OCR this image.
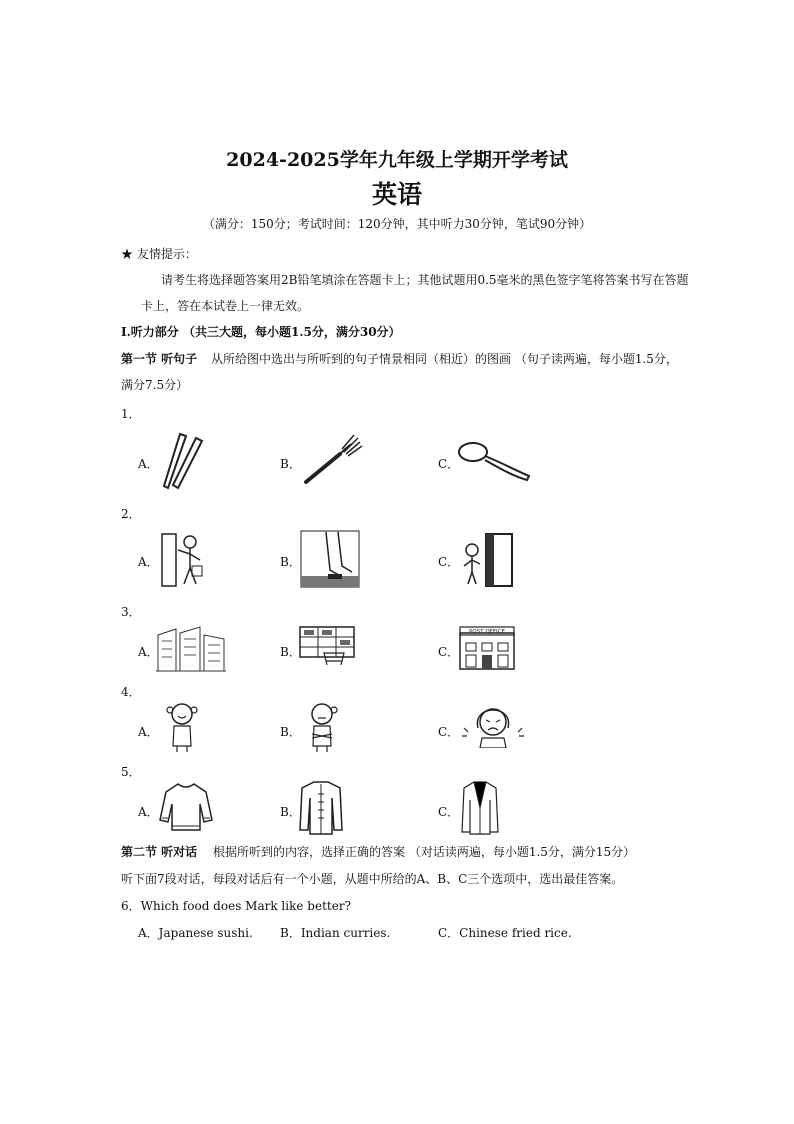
2024-2025学年九年级上学期开学考试
英语
（满分：150分；考试时间：120分钟，其中听力30分钟，笔试90分钟）
★ 友情提示：
请考生将选择题答案用2B铅笔填涂在答题卡上；其他试题用0.5毫米的黑色签字笔将答案书写在答题
卡上，答在本试卷上一律无效。
I.听力部分 （共三大题，每小题1.5分，满分30分）
第一节 听句子 从所给图中选出与所听到的句子情景相同（相近）的图画 （句子读两遍，每小题1.5分，
满分7.5分）
1．
A．	B．	C．
2．
A．	B．	C．
3．
A．	B．	C．
POST OFFICE
4．
A．	B．	C．
5．
A．	B．	C．
第二节 听对话 根据所听到的内容，选择正确的答案 （对话读两遍，每小题1.5分，满分15分）
听下面7段对话，每段对话后有一个小题，从题中所给的A、B、C三个选项中，选出最佳答案。
6．Which food does Mark like better?
A．Japanese sushi. B．Indian curries.	C．Chinese fried rice.
